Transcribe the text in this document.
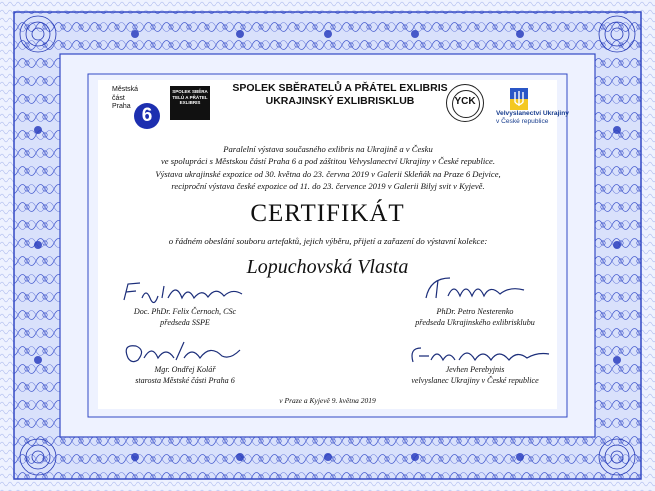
Městská
část
Praha 6
SPOLEK SBĚRATELŮ A PŘÁTEL EXLIBRIS
SPOLEK SBĚRATELŮ A PŘÁTEL EXLIBRIS
UKRAJINSKÝ EXLIBRISKLUB	YCK
Velvyslanectví Ukrajiny
v České republice
Paralelní výstava současného exlibris na Ukrajině a v Česku
ve spolupráci s Městskou částí Praha 6 a pod záštitou Velvyslanectví Ukrajiny v České republice.
Výstava ukrajinské expozice od 30. května do 23. června 2019 v Galerii Skleňák na Praze 6 Dejvice,
reciproční výstava české expozice od 11. do 23. července 2019 v Galerii Bilyj svit v Kyjevě.
CERTIFIKÁT
o řádném obeslání souboru artefaktů, jejich výběru, přijetí a zařazení do výstavní kolekce:
Lopuchovská Vlasta
Doc. PhDr. Felix Černoch, CSc
předseda SSPE
PhDr. Petro Nesterenko
předseda Ukrajinského exlibrisklubu
Mgr. Ondřej Kolář
starosta Městské části Praha 6
Jevhen Perebyjnis
velvyslanec Ukrajiny v České republice
v Praze a Kyjevě 9. května 2019
